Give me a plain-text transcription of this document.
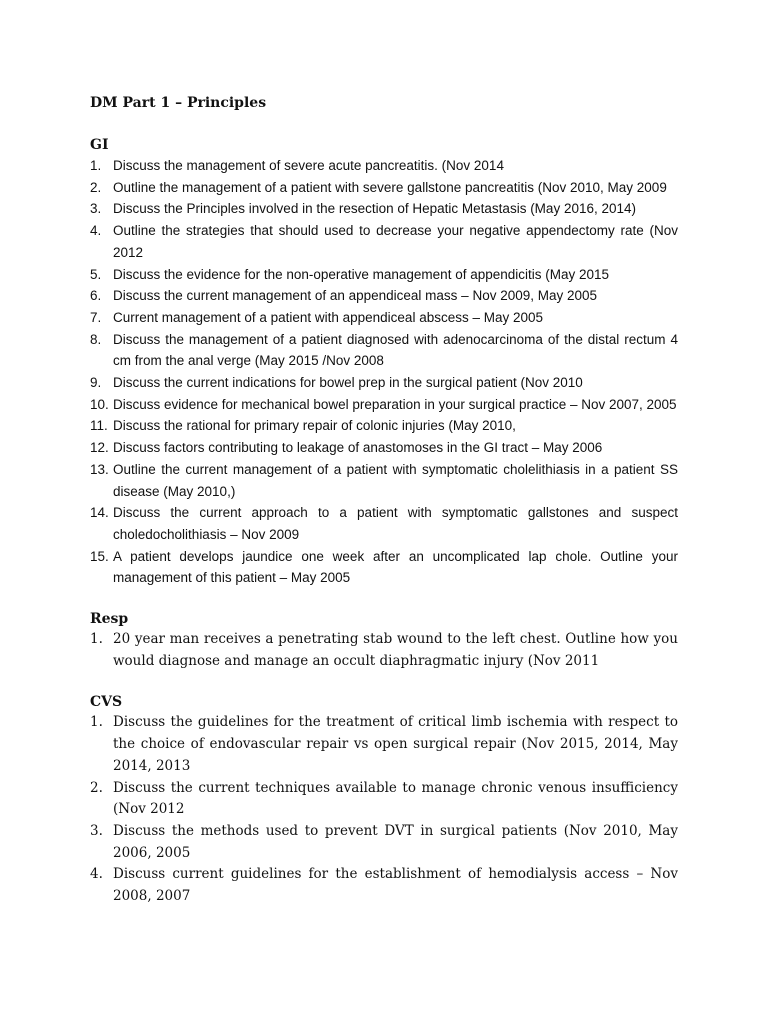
DM Part 1 – Principles
GI
1. Discuss the management of severe acute pancreatitis. (Nov 2014
2. Outline the management of a patient with severe gallstone pancreatitis (Nov 2010, May 2009
3. Discuss the Principles involved in the resection of Hepatic Metastasis (May 2016, 2014)
4. Outline the strategies that should used to decrease your negative appendectomy rate (Nov 2012
5. Discuss the evidence for the non-operative management of appendicitis (May 2015
6. Discuss the current management of an appendiceal mass – Nov 2009, May 2005
7. Current management of a patient with appendiceal abscess – May 2005
8. Discuss the management of a patient diagnosed with adenocarcinoma of the distal rectum 4 cm from the anal verge (May 2015 /Nov 2008
9. Discuss the current indications for bowel prep in the surgical patient (Nov 2010
10. Discuss evidence for mechanical bowel preparation in your surgical practice – Nov 2007, 2005
11. Discuss the rational for primary repair of colonic injuries (May 2010,
12. Discuss factors contributing to leakage of anastomoses in the GI tract – May 2006
13. Outline the current management of a patient with symptomatic cholelithiasis in a patient SS disease (May 2010,)
14. Discuss the current approach to a patient with symptomatic gallstones and suspect choledocholithiasis – Nov 2009
15. A patient develops jaundice one week after an uncomplicated lap chole. Outline your management of this patient – May 2005
Resp
1. 20 year man receives a penetrating stab wound to the left chest. Outline how you would diagnose and manage an occult diaphragmatic injury (Nov 2011
CVS
1. Discuss the guidelines for the treatment of critical limb ischemia with respect to the choice of endovascular repair vs open surgical repair (Nov 2015, 2014, May 2014, 2013
2. Discuss the current techniques available to manage chronic venous insufficiency (Nov 2012
3. Discuss the methods used to prevent DVT in surgical patients (Nov 2010, May 2006, 2005
4. Discuss current guidelines for the establishment of hemodialysis access – Nov 2008, 2007
